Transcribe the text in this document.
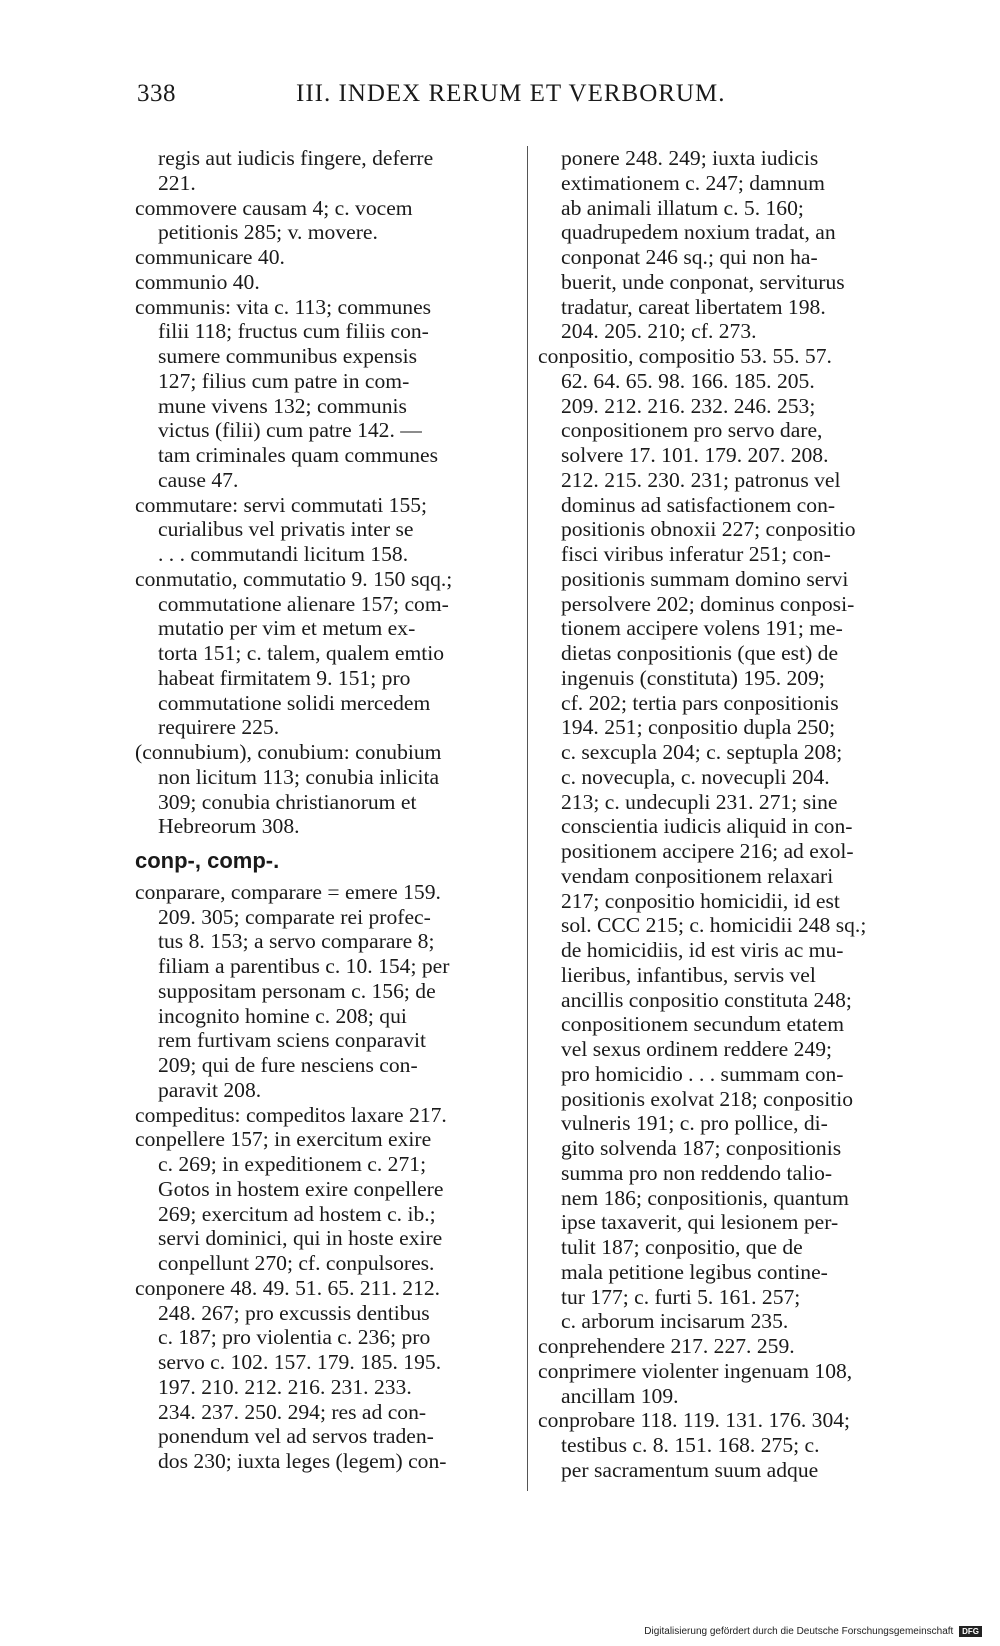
338	III. INDEX RERUM ET VERBORUM.
regis aut iudicis fingere, deferre
221.
commovere causam 4; c. vocem
petitionis 285; v. movere.
communicare 40.
communio 40.
communis: vita c. 113; communes
filii 118; fructus cum filiis con-
sumere communibus expensis
127; filius cum patre in com-
mune vivens 132; communis
victus (filii) cum patre 142. —
tam criminales quam communes
cause 47.
commutare: servi commutati 155;
curialibus vel privatis inter se
. . . commutandi licitum 158.
conmutatio, commutatio 9. 150 sqq.;
commutatione alienare 157; com-
mutatio per vim et metum ex-
torta 151; c. talem, qualem emtio
habeat firmitatem 9. 151; pro
commutatione solidi mercedem
requirere 225.
(connubium), conubium: conubium
non licitum 113; conubia inlicita
309; conubia christianorum et
Hebreorum 308.
conp-, comp-.
conparare, comparare = emere 159.
209. 305; comparate rei profec-
tus 8. 153; a servo comparare 8;
filiam a parentibus c. 10. 154; per
suppositam personam c. 156; de
incognito homine c. 208; qui
rem furtivam sciens conparavit
209; qui de fure nesciens con-
paravit 208.
compeditus: compeditos laxare 217.
conpellere 157; in exercitum exire
c. 269; in expeditionem c. 271;
Gotos in hostem exire conpellere
269; exercitum ad hostem c. ib.;
servi dominici, qui in hoste exire
conpellunt 270; cf. conpulsores.
conponere 48. 49. 51. 65. 211. 212.
248. 267; pro excussis dentibus
c. 187; pro violentia c. 236; pro
servo c. 102. 157. 179. 185. 195.
197. 210. 212. 216. 231. 233.
234. 237. 250. 294; res ad con-
ponendum vel ad servos traden-
dos 230; iuxta leges (legem) con-
ponere 248. 249; iuxta iudicis
extimationem c. 247; damnum
ab animali illatum c. 5. 160;
quadrupedem noxium tradat, an
conponat 246 sq.; qui non ha-
buerit, unde conponat, serviturus
tradatur, careat libertatem 198.
204. 205. 210; cf. 273.
conpositio, compositio 53. 55. 57.
62. 64. 65. 98. 166. 185. 205.
209. 212. 216. 232. 246. 253;
conpositionem pro servo dare,
solvere 17. 101. 179. 207. 208.
212. 215. 230. 231; patronus vel
dominus ad satisfactionem con-
positionis obnoxii 227; conpositio
fisci viribus inferatur 251; con-
positionis summam domino servi
persolvere 202; dominus conposi-
tionem accipere volens 191; me-
dietas conpositionis (que est) de
ingenuis (constituta) 195. 209;
cf. 202; tertia pars conpositionis
194. 251; conpositio dupla 250;
c. sexcupla 204; c. septupla 208;
c. novecupla, c. novecupli 204.
213; c. undecupli 231. 271; sine
conscientia iudicis aliquid in con-
positionem accipere 216; ad exol-
vendam conpositionem relaxari
217; conpositio homicidii, id est
sol. CCC 215; c. homicidii 248 sq.;
de homicidiis, id est viris ac mu-
lieribus, infantibus, servis vel
ancillis conpositio constituta 248;
conpositionem secundum etatem
vel sexus ordinem reddere 249;
pro homicidio . . . summam con-
positionis exolvat 218; conpositio
vulneris 191; c. pro pollice, di-
gito solvenda 187; conpositionis
summa pro non reddendo talio-
nem 186; conpositionis, quantum
ipse taxaverit, qui lesionem per-
tulit 187; conpositio, que de
mala petitione legibus contine-
tur 177; c. furti 5. 161. 257;
c. arborum incisarum 235.
conprehendere 217. 227. 259.
conprimere violenter ingenuam 108,
ancillam 109.
conprobare 118. 119. 131. 176. 304;
testibus c. 8. 151. 168. 275; c.
per sacramentum suum adque
Digitalisierung gefördert durch die Deutsche Forschungsgemeinschaft DFG
